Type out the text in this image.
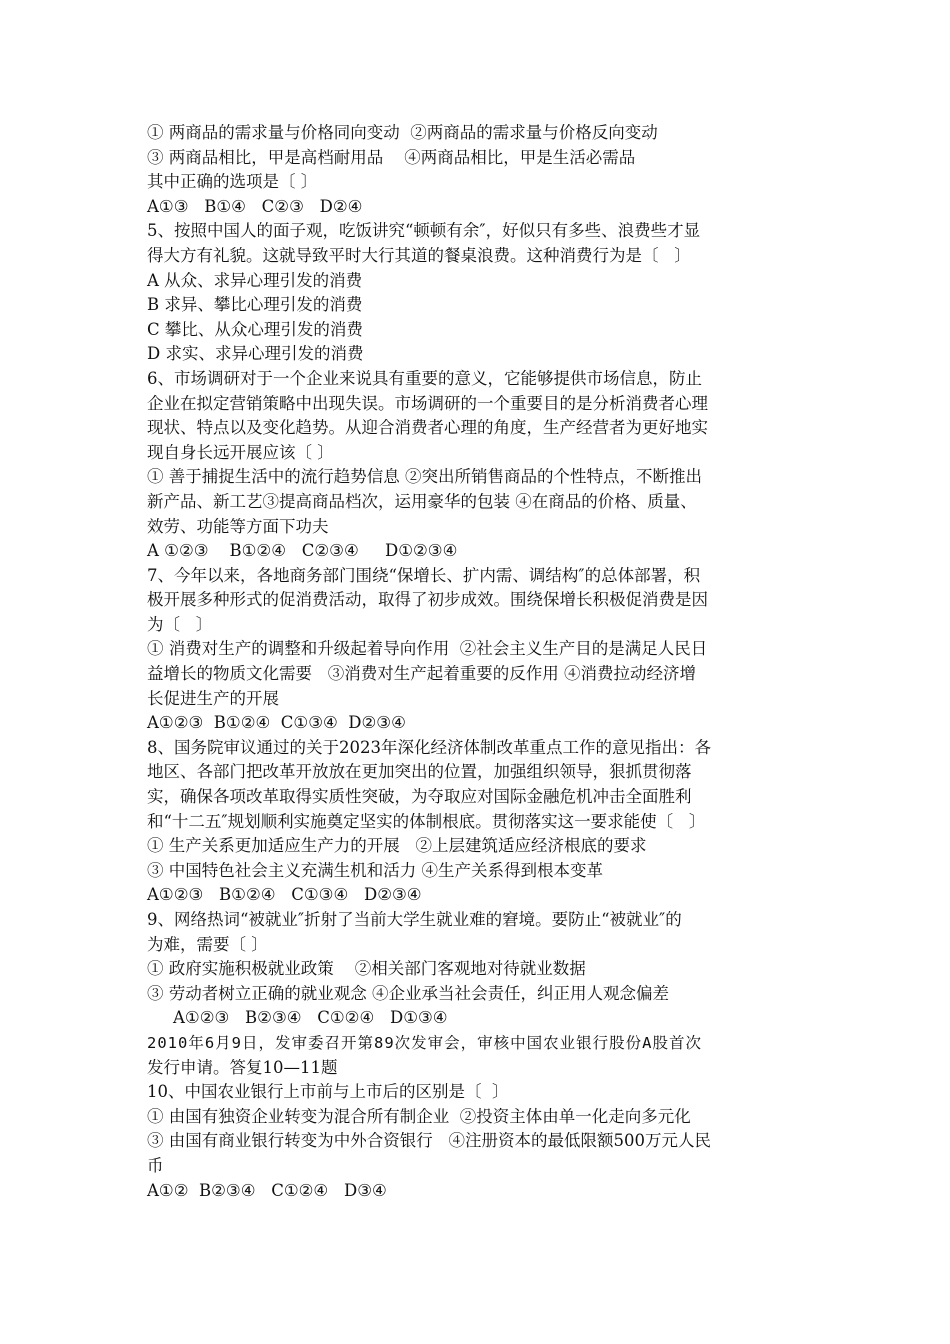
① 两商品的需求量与价格同向变动  ②两商品的需求量与价格反向变动
③ 两商品相比，甲是高档耐用品    ④两商品相比，甲是生活必需品
其中正确的选项是〔 〕
A①③   B①④   C②③   D②④
5、按照中国人的面子观，吃饭讲究“顿顿有余″，好似只有多些、浪费些才显
得大方有礼貌。这就导致平时大行其道的餐桌浪费。这种消费行为是〔   〕
A 从众、求异心理引发的消费
B 求异、攀比心理引发的消费
C 攀比、从众心理引发的消费
D 求实、求异心理引发的消费
6、市场调研对于一个企业来说具有重要的意义，它能够提供市场信息，防止
企业在拟定营销策略中出现失误。市场调研的一个重要目的是分析消费者心理
现状、特点以及变化趋势。从迎合消费者心理的角度，生产经营者为更好地实
现自身长远开展应该〔 〕
① 善于捕捉生活中的流行趋势信息 ②突出所销售商品的个性特点，不断推出
新产品、新工艺③提高商品档次，运用豪华的包装 ④在商品的价格、质量、
效劳、功能等方面下功夫
A ①②③    B①②④   C②③④     D①②③④
7、今年以来，各地商务部门围绕“保增长、扩内需、调结构″的总体部署，积
极开展多种形式的促消费活动，取得了初步成效。围绕保增长积极促消费是因
为〔   〕
① 消费对生产的调整和升级起着导向作用  ②社会主义生产目的是满足人民日
益增长的物质文化需要   ③消费对生产起着重要的反作用 ④消费拉动经济增
长促进生产的开展
A①②③  B①②④  C①③④  D②③④
8、国务院审议通过的关于2023年深化经济体制改革重点工作的意见指出：各
地区、各部门把改革开放放在更加突出的位置，加强组织领导，狠抓贯彻落
实，确保各项改革取得实质性突破，为夺取应对国际金融危机冲击全面胜利
和“十二五″规划顺利实施奠定坚实的体制根底。贯彻落实这一要求能使〔   〕
① 生产关系更加适应生产力的开展   ②上层建筑适应经济根底的要求
③ 中国特色社会主义充满生机和活力 ④生产关系得到根本变革
A①②③   B①②④   C①③④   D②③④
9、网络热词“被就业″折射了当前大学生就业难的窘境。要防止“被就业″的
为难，需要〔 〕
① 政府实施积极就业政策    ②相关部门客观地对待就业数据
③ 劳动者树立正确的就业观念 ④企业承当社会责任，纠正用人观念偏差
A①②③   B②③④   C①②④   D①③④
2010年6月9日，发审委召开第89次发审会，审核中国农业银行股份A股首次
发行申请。答复10—11题
10、中国农业银行上市前与上市后的区别是〔  〕
① 由国有独资企业转变为混合所有制企业  ②投资主体由单一化走向多元化
③ 由国有商业银行转变为中外合资银行   ④注册资本的最低限额500万元人民
币
A①②  B②③④   C①②④   D③④
